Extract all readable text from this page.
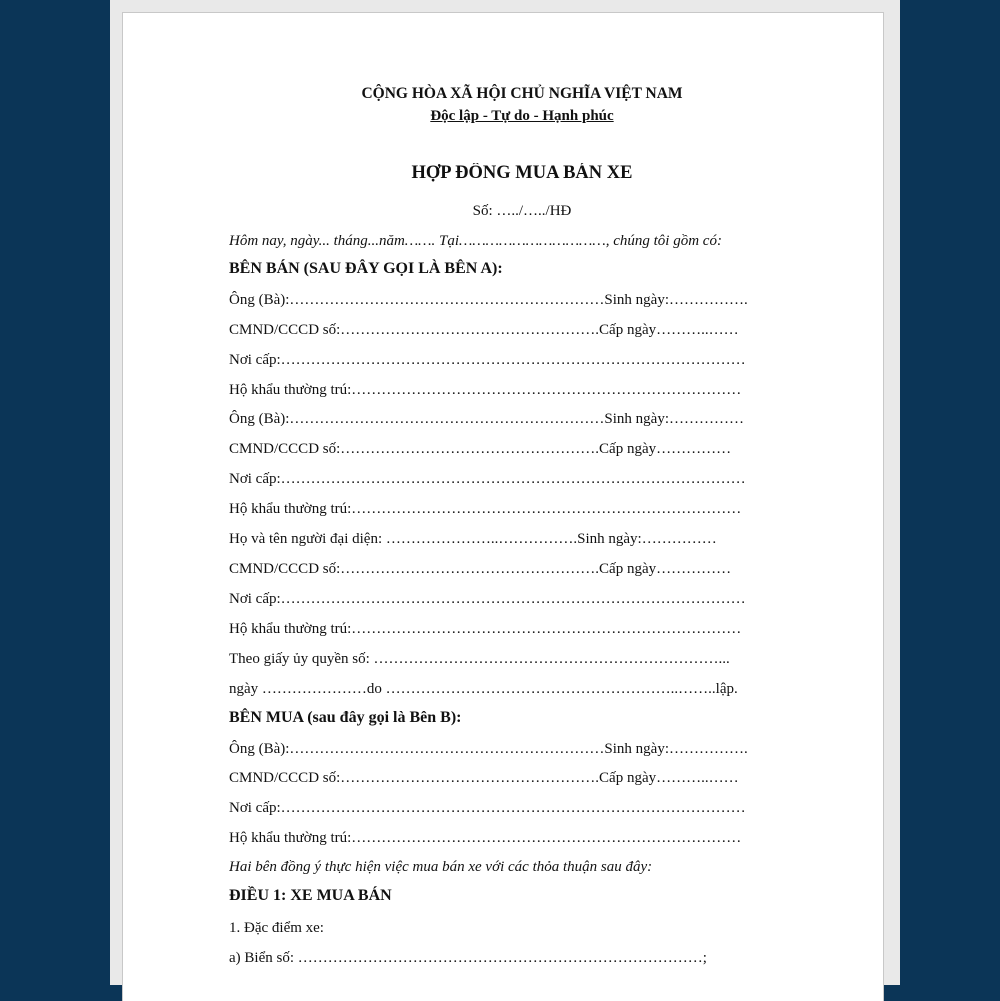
CỘNG HÒA XÃ HỘI CHỦ NGHĨA VIỆT NAM
Độc lập - Tự do - Hạnh phúc
HỢP ĐỒNG MUA BÁN XE
Số: …../…../HĐ
Hôm nay, ngày... tháng...năm……. Tại……………………………, chúng tôi gồm có:
BÊN BÁN (SAU ĐÂY GỌI LÀ BÊN A):
Ông (Bà):………………………………………………………Sinh ngày:…………….
CMND/CCCD số:…………………………………………….Cấp ngày………..……
Nơi cấp:…………………………………………………………………………………
Hộ khẩu thường trú:……………………………………………………………………
Ông (Bà):………………………………………………………Sinh ngày:……………
CMND/CCCD số:…………………………………………….Cấp ngày……………
Nơi cấp:…………………………………………………………………………………
Hộ khẩu thường trú:……………………………………………………………………
Họ và tên người đại diện: …………………..…………….Sinh ngày:……………
CMND/CCCD số:…………………………………………….Cấp ngày……………
Nơi cấp:…………………………………………………………………………………
Hộ khẩu thường trú:……………………………………………………………………
Theo giấy ủy quyền số: ……………………………………………………………...
ngày …………………do …………………………………………………..……..lập.
BÊN MUA (sau đây gọi là Bên B):
Ông (Bà):………………………………………………………Sinh ngày:…………….
CMND/CCCD số:…………………………………………….Cấp ngày………..……
Nơi cấp:…………………………………………………………………………………
Hộ khẩu thường trú:……………………………………………………………………
Hai bên đồng ý thực hiện việc mua bán xe với các thỏa thuận sau đây:
ĐIỀU 1: XE MUA BÁN
1. Đặc điểm xe:
a) Biển số: ………………………………………………………………………;
